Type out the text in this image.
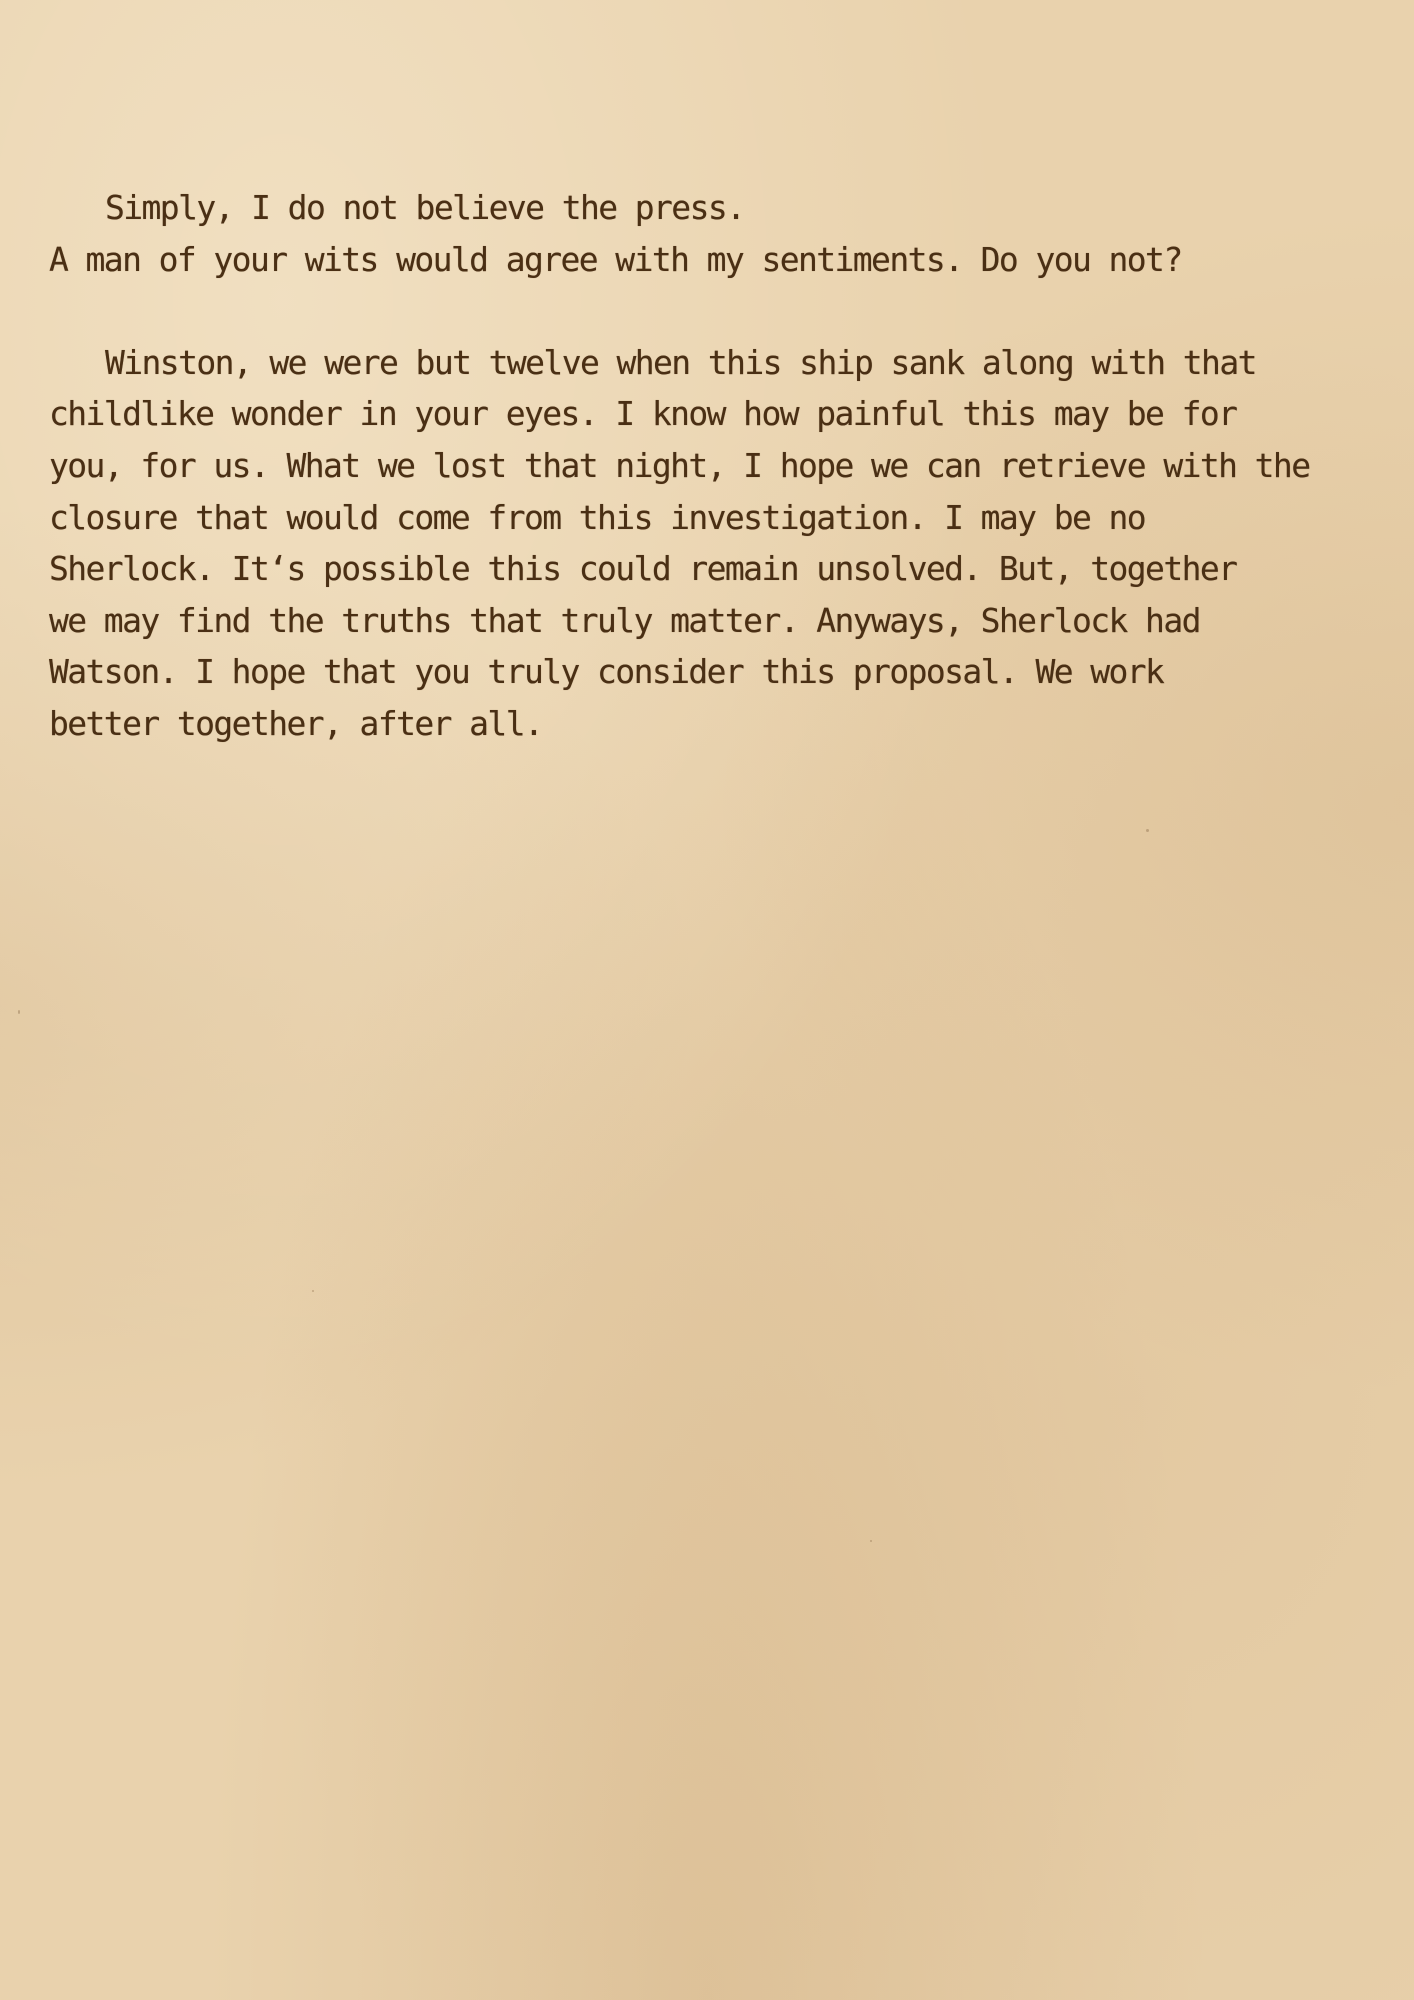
Simply, I do not believe the press.
A man of your wits would agree with my sentiments. Do you not?
Winston, we were but twelve when this ship sank along with that
childlike wonder in your eyes. I know how painful this may be for
you, for us. What we lost that night, I hope we can retrieve with the
closure that would come from this investigation. I may be no
Sherlock. It‘s possible this could remain unsolved. But, together
we may find the truths that truly matter. Anyways, Sherlock had
Watson. I hope that you truly consider this proposal. We work
better together, after all.
